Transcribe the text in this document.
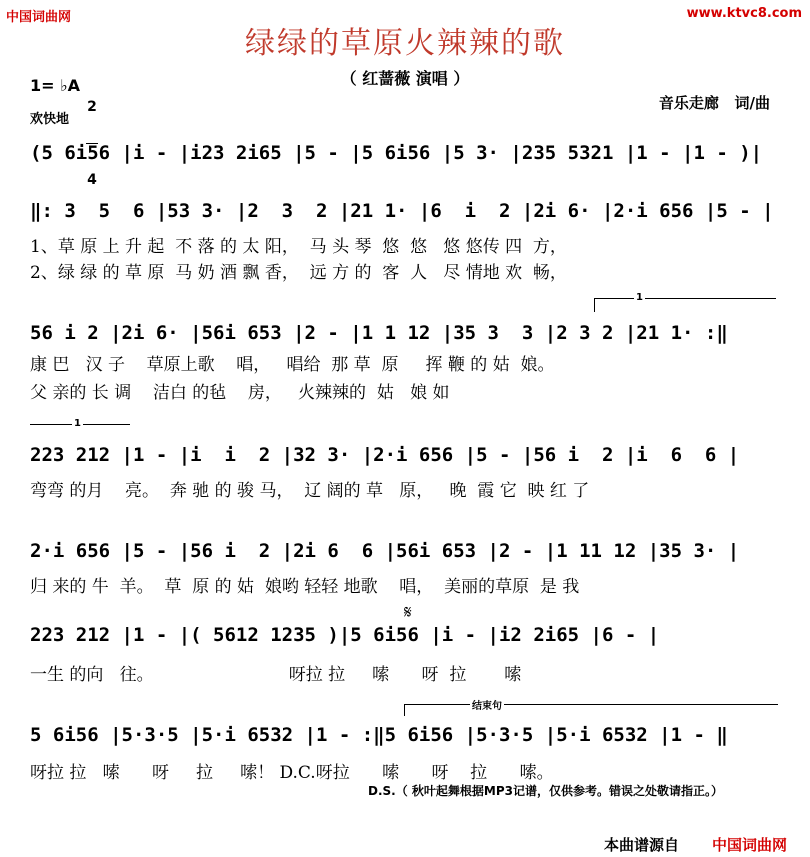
中国词曲网	www.ktvc8.com
绿绿的草原火辣辣的歌
（ 红蔷薇 演唱 ）
1= ♭A

2

4

欢快地
音乐走廊   词/曲
(5 6i56 |i - |i23 2i65 |5 - |5 6i56 |5 3· |235 5321 |1 - |1 - )|
‖: 3  5  6 |53 3· |2  3  2 |21 1· |6  i  2 |2i 6· |2·i 656 |5 - |
1、草 原 上 升 起  不 落 的 太 阳，  马 头 琴  悠  悠   悠 悠传 四  方，
2、绿 绿 的 草 原  马 奶 酒 飘 香，  远 方 的  客  人   尽 情地 欢  畅，
1
56 i 2 |2i 6· |56i 653 |2 - |1 1 12 |35 3  3 |2 3 2 |21 1· :‖
康 巴   汉 子    草原上歌    唱，   唱给  那 草  原     挥 鞭 的 姑  娘。
父 亲的 长 调    洁白 的毡    房，   火辣辣的  姑   娘 如
1
223 212 |1 - |i  i  2 |32 3· |2·i 656 |5 - |56 i  2 |i  6  6 |
弯弯 的月    亮。  奔 驰 的 骏 马，  辽 阔的 草   原，   晚  霞 它  映 红 了
2·i 656 |5 - |56 i  2 |2i 6  6 |56i 653 |2 - |1 11 12 |35 3· |
归 来的 牛  羊。  草  原 的 姑  娘哟 轻轻 地歌    唱，  美丽的草原  是 我
𝄋
223 212 |1 - |( 5612 1235 )|5 6i56 |i - |i2 2i65 |6 - |
一生 的向   往。                         呀拉 拉     嗦      呀  拉       嗦
结束句
5 6i56 |5·3·5 |5·i 6532 |1 - :‖5 6i56 |5·3·5 |5·i 6532 |1 - ‖
呀拉 拉   嗦      呀     拉     嗦！ D.C.呀拉      嗦      呀    拉      嗦。
D.S.（ 秋叶起舞根据MP3记谱，仅供参考。错误之处敬请指正。）
本曲谱源自 中国词曲网
